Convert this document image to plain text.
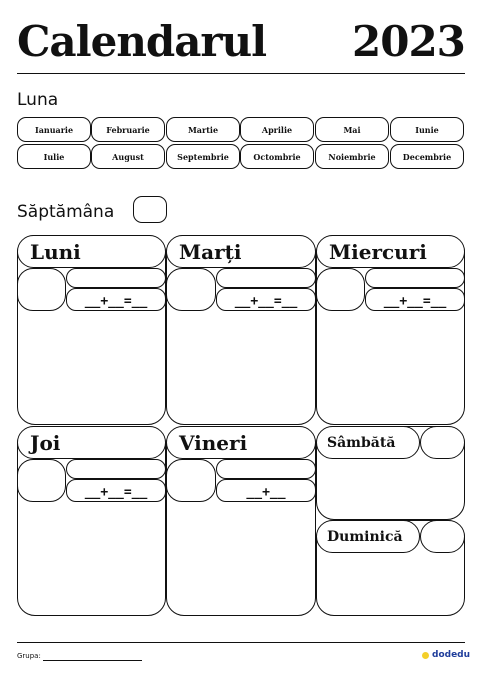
Calendarul 2023
Luna
Ianuarie	Februarie	Martie	Aprilie	Mai	Iunie
Iulie	August	Septembrie	Octombrie	Noiembrie	Decembrie
Săptămâna
Luni
__+__=__
Marți
__+__=__
Miercuri
__+__=__
Joi
__+__=__
Vineri
__+__
Sâmbătă
Duminică
Grupa:	dodedu
